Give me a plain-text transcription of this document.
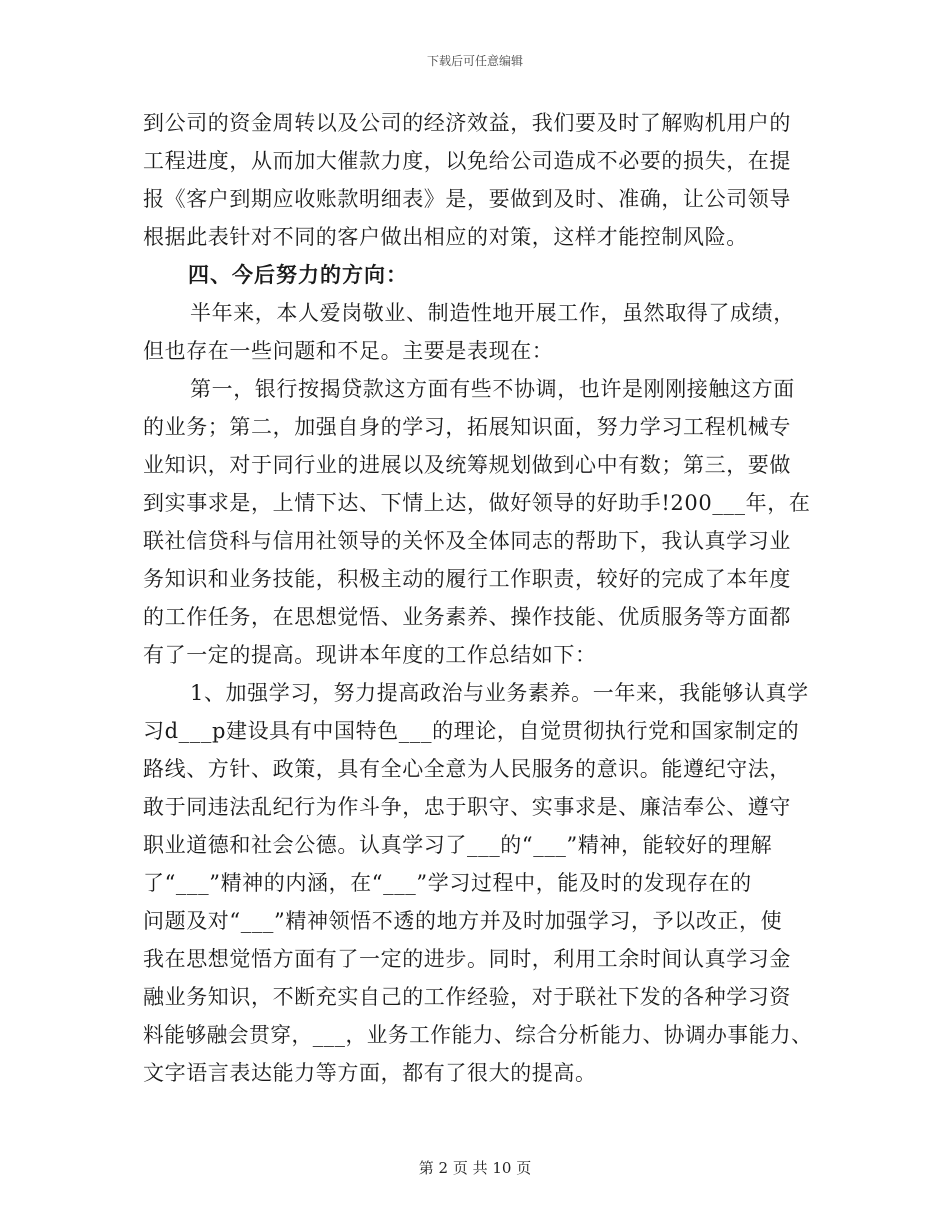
下载后可任意编辑
到公司的资金周转以及公司的经济效益，我们要及时了解购机用户的
工程进度，从而加大催款力度，以免给公司造成不必要的损失，在提
报《客户到期应收账款明细表》是，要做到及时、准确，让公司领导
根据此表针对不同的客户做出相应的对策，这样才能控制风险。
四、今后努力的方向：
半年来，本人爱岗敬业、制造性地开展工作，虽然取得了成绩，
但也存在一些问题和不足。主要是表现在：
第一，银行按揭贷款这方面有些不协调，也许是刚刚接触这方面
的业务；第二，加强自身的学习，拓展知识面，努力学习工程机械专
业知识，对于同行业的进展以及统筹规划做到心中有数；第三，要做
到实事求是，上情下达、下情上达，做好领导的好助手!200___年，在
联社信贷科与信用社领导的关怀及全体同志的帮助下，我认真学习业
务知识和业务技能，积极主动的履行工作职责，较好的完成了本年度
的工作任务，在思想觉悟、业务素养、操作技能、优质服务等方面都
有了一定的提高。现讲本年度的工作总结如下：
1、加强学习，努力提高政治与业务素养。一年来，我能够认真学
习d___p建设具有中国特色___的理论，自觉贯彻执行党和国家制定的
路线、方针、政策，具有全心全意为人民服务的意识。能遵纪守法，
敢于同违法乱纪行为作斗争，忠于职守、实事求是、廉洁奉公、遵守
职业道德和社会公德。认真学习了___的“___”精神，能较好的理解
了“___”精神的内涵，在“___”学习过程中，能及时的发现存在的
问题及对“___”精神领悟不透的地方并及时加强学习，予以改正，使
我在思想觉悟方面有了一定的进步。同时，利用工余时间认真学习金
融业务知识，不断充实自己的工作经验，对于联社下发的各种学习资
料能够融会贯穿，___，业务工作能力、综合分析能力、协调办事能力、
文字语言表达能力等方面，都有了很大的提高。
第 2 页 共 10 页
